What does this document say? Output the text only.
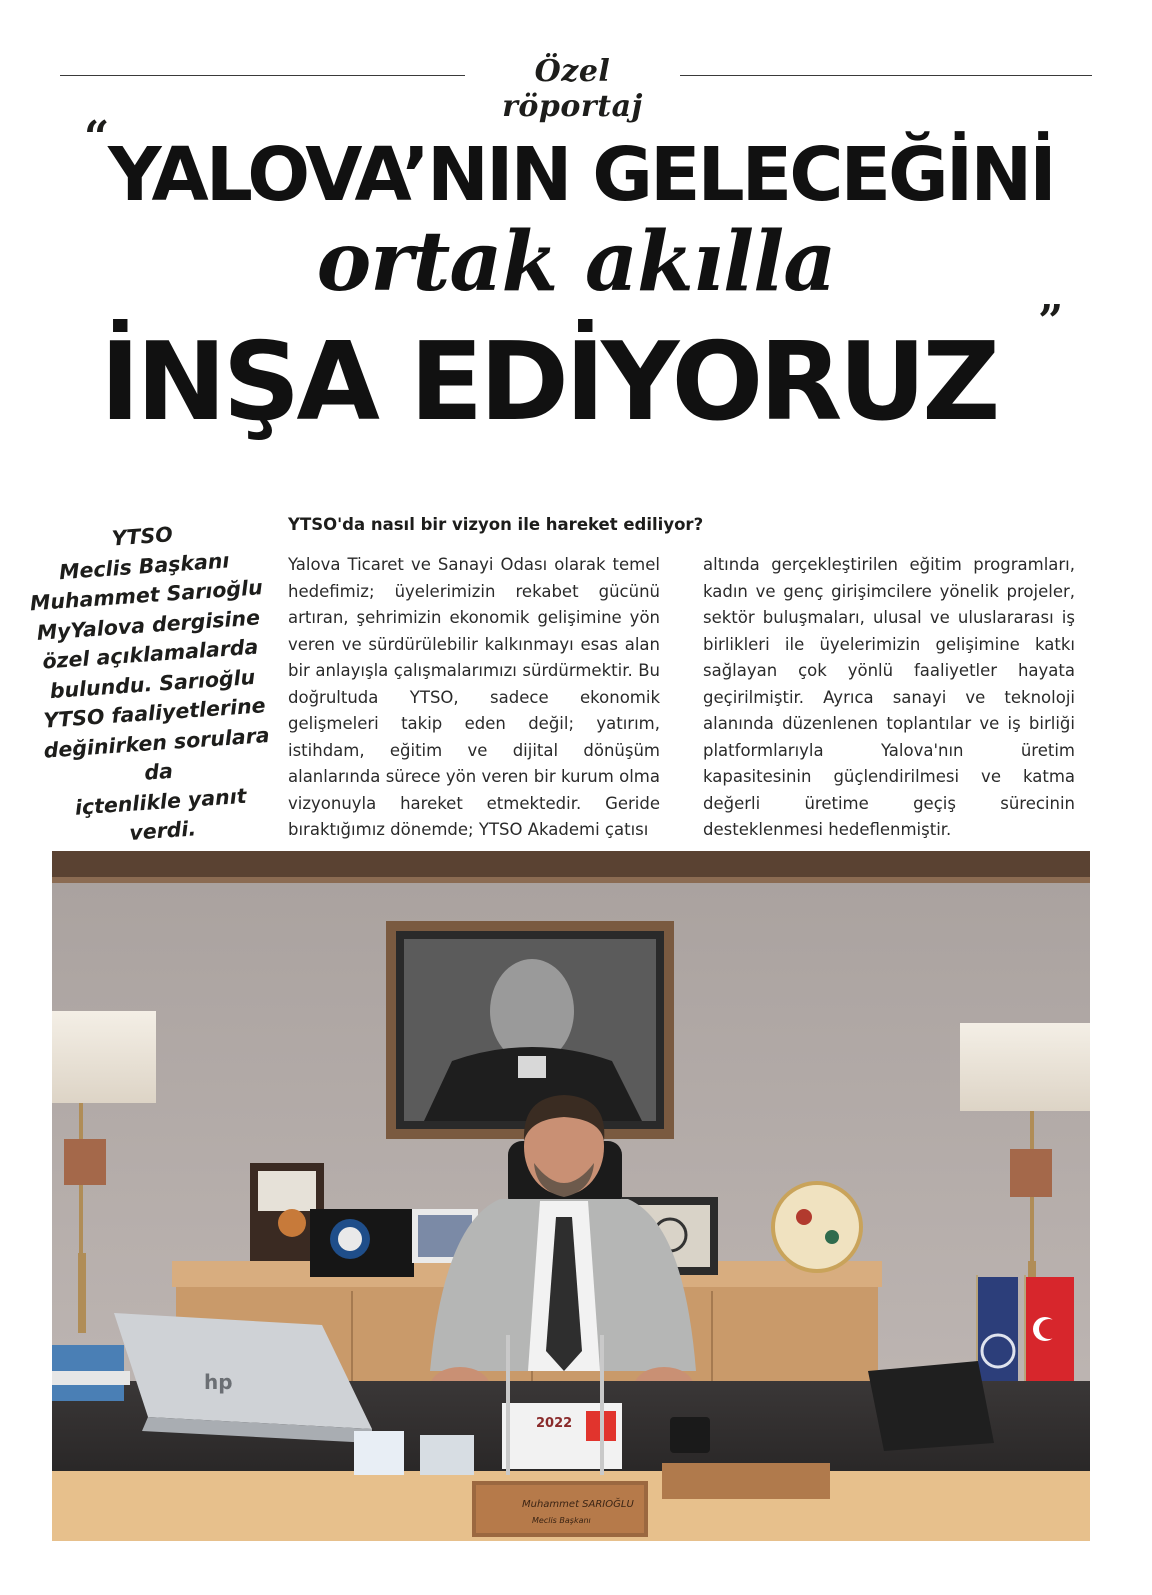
Özel röportaj
“
YALOVA’NIN GELECEĞİNİ
ortak akılla
İNŞA EDİYORUZ ”
YTSO
Meclis Başkanı
Muhammet Sarıoğlu
MyYalova dergisine
özel açıklamalarda
bulundu. Sarıoğlu
YTSO faaliyetlerine
değinirken sorulara da
içtenlikle yanıt verdi.
YTSO'da nasıl bir vizyon ile hareket ediliyor?
Yalova Ticaret ve Sanayi Odası olarak temel hedefimiz; üyelerimizin rekabet gücünü artıran, şehrimizin ekonomik gelişimine yön veren ve sürdürülebilir kalkınmayı esas alan bir anlayışla çalışmalarımızı sürdürmektir. Bu doğrultuda YTSO, sadece ekonomik gelişmeleri takip eden değil; yatırım, istihdam, eğitim ve dijital dönüşüm alanlarında sürece yön veren bir kurum olma vizyonuyla hareket etmektedir. Geride bıraktığımız dönemde; YTSO Akademi çatısı
altında gerçekleştirilen eğitim programları, kadın ve genç girişimcilere yönelik projeler, sektör buluşmaları, ulusal ve uluslararası iş birlikleri ile üyelerimizin gelişimine katkı sağlayan çok yönlü faaliyetler hayata geçirilmiştir. Ayrıca sanayi ve teknoloji alanında düzenlenen toplantılar ve iş birliği platformlarıyla Yalova'nın üretim kapasitesinin güçlendirilmesi ve katma değerli üretime geçiş sürecinin desteklenmesi hedeflenmiştir.
hp
2022
Muhammet SARIOĞLU
Meclis Başkanı
